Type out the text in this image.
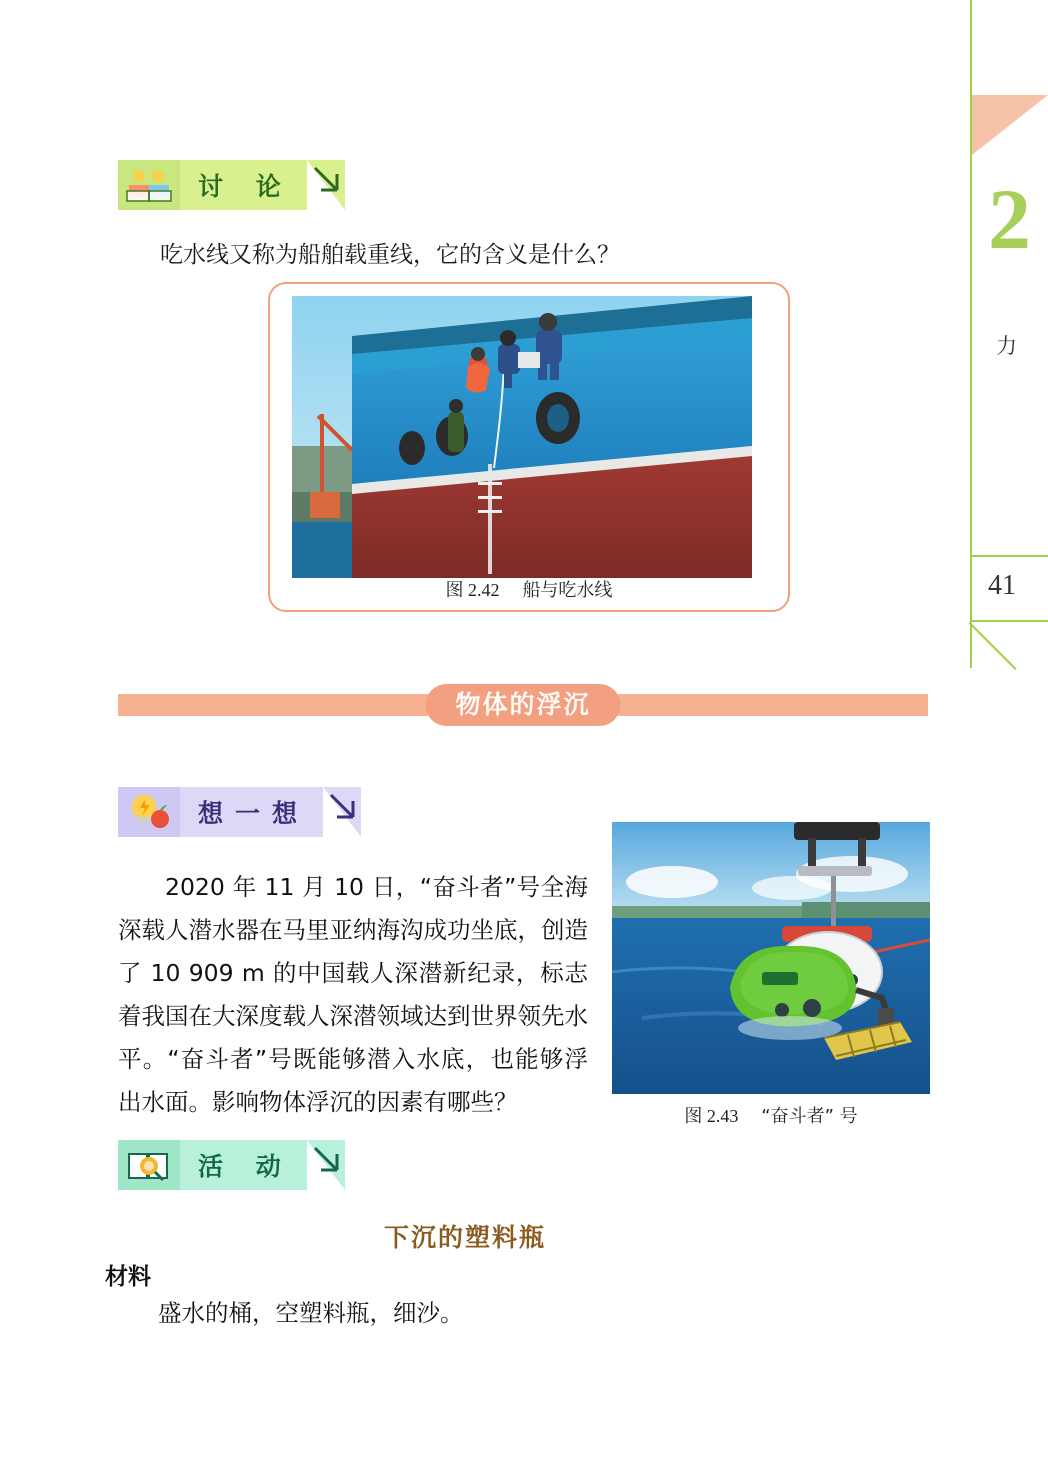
2
力
41
讨 论
吃水线又称为船舶载重线，它的含义是什么？
图 2.42 船与吃水线
物体的浮沉
想一想
2020 年 11 月 10 日，“奋斗者”号全海深载人潜水器在马里亚纳海沟成功坐底，创造了 10 909 m 的中国载人深潜新纪录，标志着我国在大深度载人深潜领域达到世界领先水平。“奋斗者”号既能够潜入水底，也能够浮出水面。影响物体浮沉的因素有哪些？	图 2.43 “奋斗者” 号
活 动
下沉的塑料瓶
材料
盛水的桶，空塑料瓶，细沙。
